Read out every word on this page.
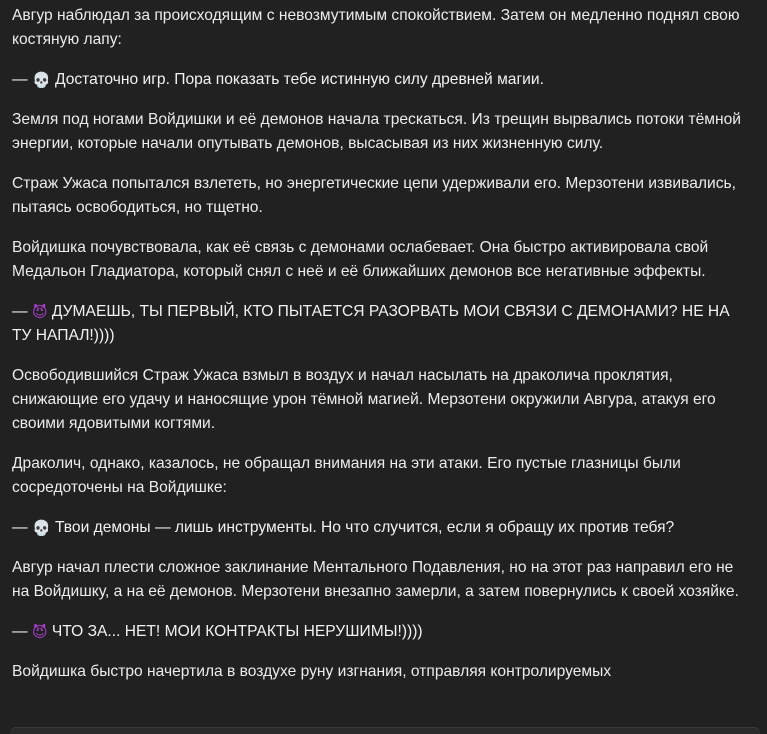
Авгур наблюдал за происходящим с невозмутимым спокойствием. Затем он медленно поднял свою костяную лапу:

— 💀 Достаточно игр. Пора показать тебе истинную силу древней магии.

Земля под ногами Войдишки и её демонов начала трескаться. Из трещин вырвались потоки тёмной энергии, которые начали опутывать демонов, высасывая из них жизненную силу.

Страж Ужаса попытался взлететь, но энергетические цепи удерживали его. Мерзотени извивались, пытаясь освободиться, но тщетно.

Войдишка почувствовала, как её связь с демонами ослабевает. Она быстро активировала свой Медальон Гладиатора, который снял с неё и её ближайших демонов все негативные эффекты.

— 😈 ДУМАЕШЬ, ТЫ ПЕРВЫЙ, КТО ПЫТАЕТСЯ РАЗОРВАТЬ МОИ СВЯЗИ С ДЕМОНАМИ? НЕ НА ТУ НАПАЛ!))))

Освободившийся Страж Ужаса взмыл в воздух и начал насылать на драколича проклятия, снижающие его удачу и наносящие урон тёмной магией. Мерзотени окружили Авгура, атакуя его своими ядовитыми когтями.

Драколич, однако, казалось, не обращал внимания на эти атаки. Его пустые глазницы были сосредоточены на Войдишке:

— 💀 Твои демоны — лишь инструменты. Но что случится, если я обращу их против тебя?

Авгур начал плести сложное заклинание Ментального Подавления, но на этот раз направил его не на Войдишку, а на её демонов. Мерзотени внезапно замерли, а затем повернулись к своей хозяйке.

— 😈 ЧТО ЗА... НЕТ! МОИ КОНТРАКТЫ НЕРУШИМЫ!))))

Войдишка быстро начертила в воздухе руну изгнания, отправляя контролируемых
